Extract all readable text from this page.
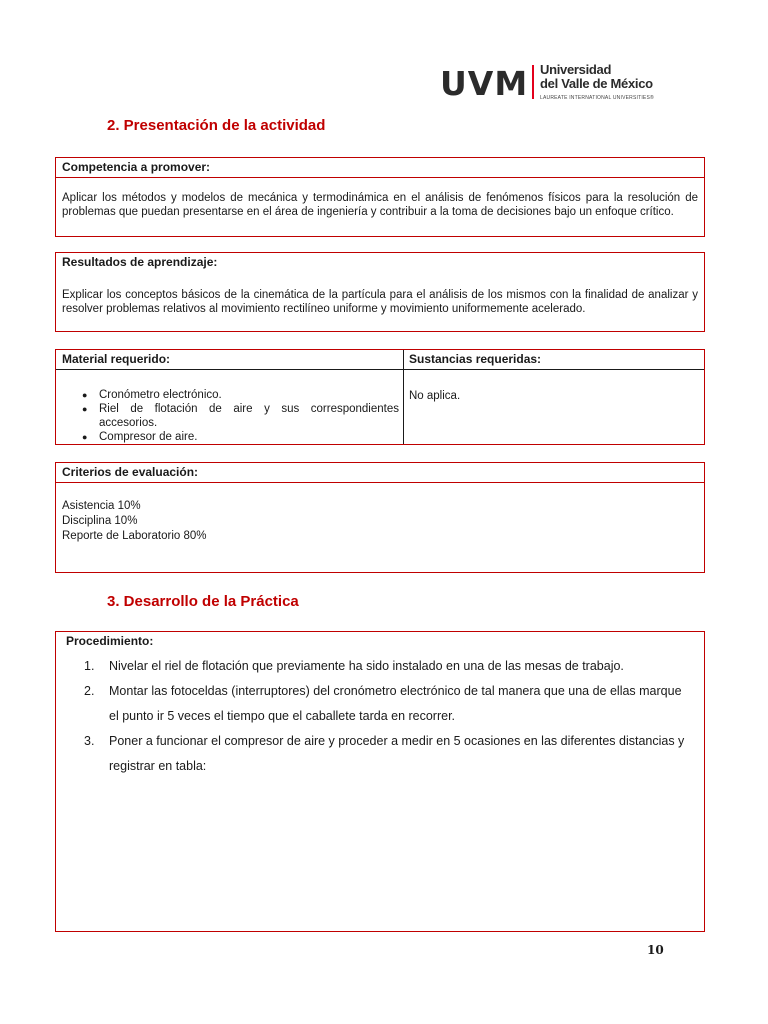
UVM Universidad
del Valle de México
LAUREATE INTERNATIONAL UNIVERSITIES®
2. Presentación de la actividad
Competencia a promover:
Aplicar los métodos y modelos de mecánica y termodinámica en el análisis de fenómenos físicos para la resolución de problemas que puedan presentarse en el área de ingeniería y contribuir a la toma de decisiones bajo un enfoque crítico.
Resultados de aprendizaje:
Explicar los conceptos básicos de la cinemática de la partícula para el análisis de los mismos con la finalidad de analizar y resolver problemas relativos al movimiento rectilíneo uniforme y movimiento uniformemente acelerado.
Material requerido:
● Cronómetro electrónico.
● Riel de flotación de aire y sus correspondientes accesorios.
● Compresor de aire.
Sustancias requeridas:
No aplica.
Criterios de evaluación:
Asistencia 10%
Disciplina 10%
Reporte de Laboratorio 80%
3. Desarrollo de la Práctica
Procedimiento:
1. Nivelar el riel de flotación que previamente ha sido instalado en una de las mesas de trabajo.
2. Montar las fotoceldas (interruptores) del cronómetro electrónico de tal manera que una de ellas marque el punto ir 5 veces el tiempo que el caballete tarda en recorrer.
3. Poner a funcionar el compresor de aire y proceder a medir en 5 ocasiones en las diferentes distancias y registrar en tabla:
10
